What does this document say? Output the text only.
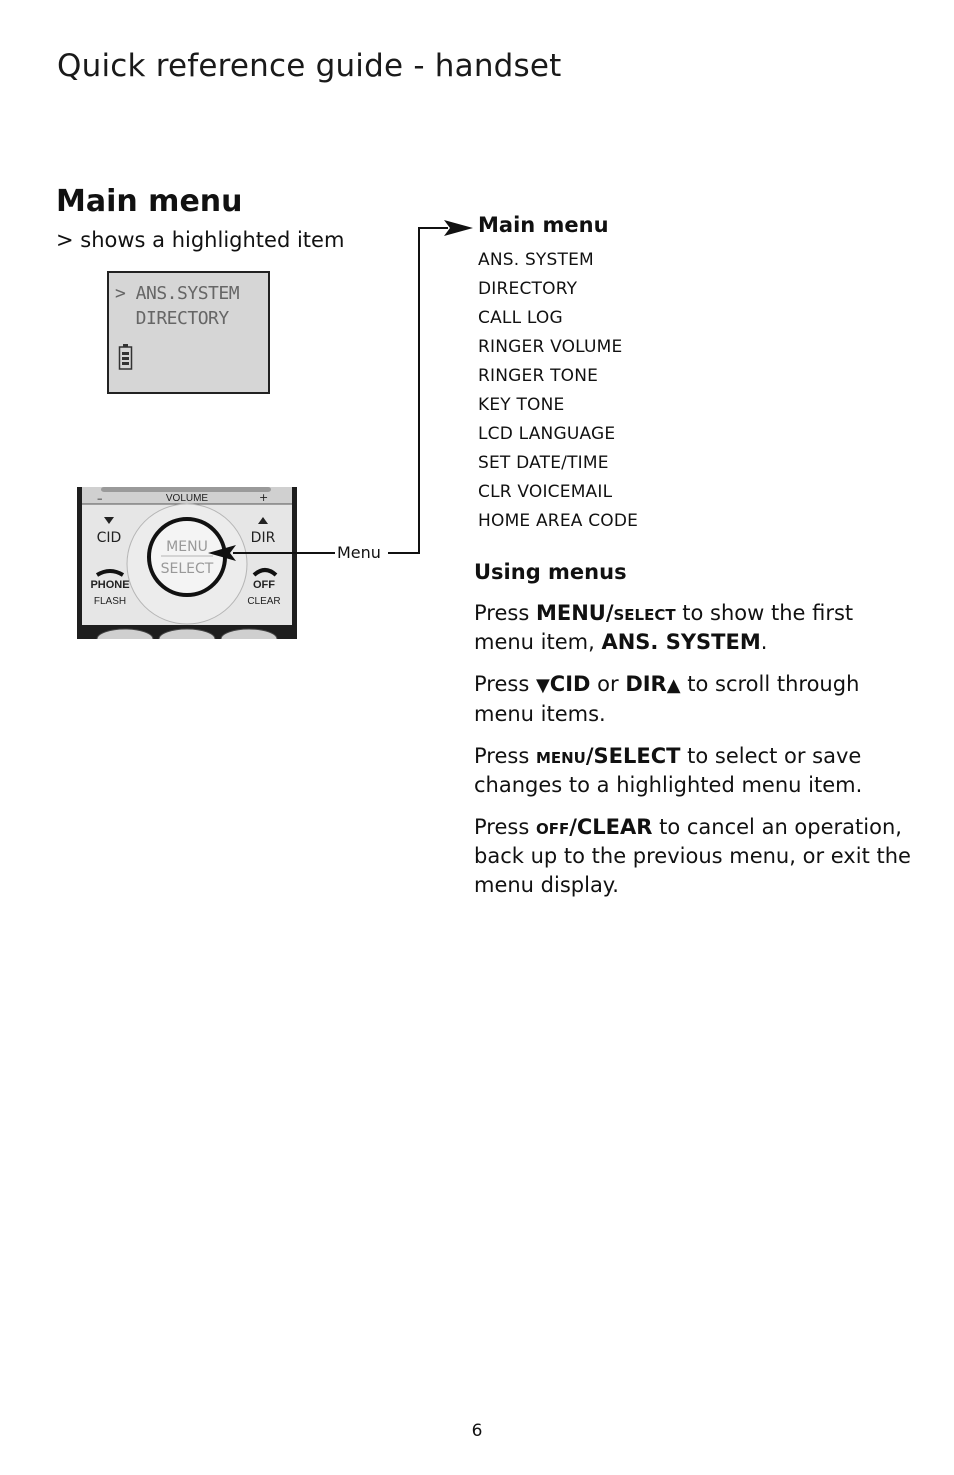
Quick reference guide - handset
Main menu
> shows a highlighted item
> ANS.SYSTEM
DIRECTORY
–	VOLUME	+
CID	DIR
MENU
SELECT
PHONE
FLASH
OFF
CLEAR
Menu
Main menu
ANS. SYSTEM
DIRECTORY
CALL LOG
RINGER VOLUME
RINGER TONE
KEY TONE
LCD LANGUAGE
SET DATE/TIME
CLR VOICEMAIL
HOME AREA CODE
Using menus
Press MENU/select to show the first menu item, ANS. SYSTEM.
Press ▼CID or DIR▲ to scroll through menu items.
Press menu/SELECT to select or save changes to a highlighted menu item.
Press off/CLEAR to cancel an operation, back up to the previous menu, or exit the menu display.
6
